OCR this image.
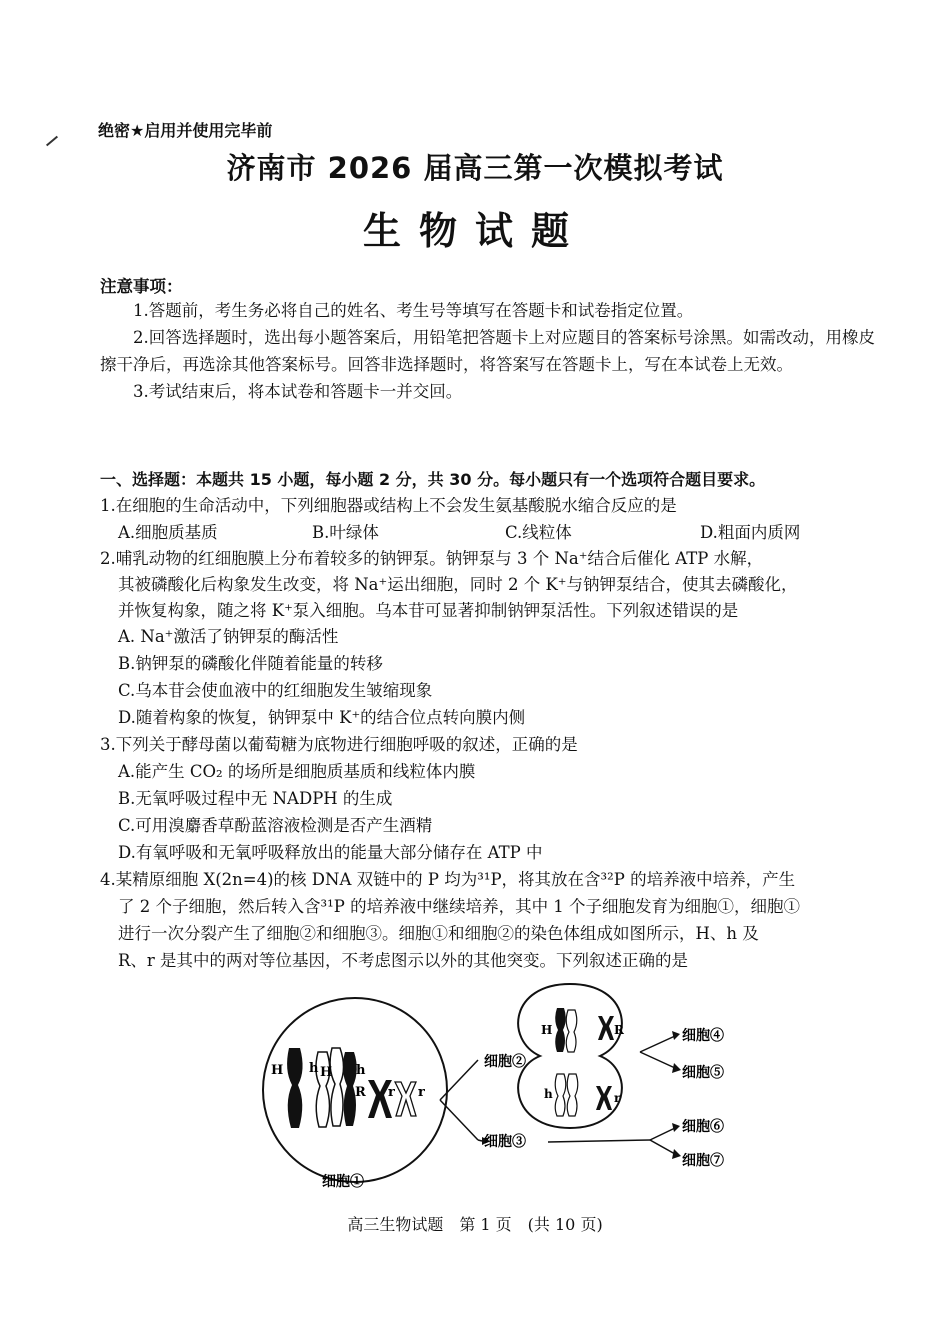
绝密★启用并使用完毕前
济南市 2026 届高三第一次模拟考试
生物试题
注意事项：

1.答题前，考生务必将自己的姓名、考生号等填写在答题卡和试卷指定位置。

2.回答选择题时，选出每小题答案后，用铅笔把答题卡上对应题目的答案标号涂黑。如需改动，用橡皮擦干净后，再选涂其他答案标号。回答非选择题时，将答案写在答题卡上，写在本试卷上无效。

3.考试结束后，将本试卷和答题卡一并交回。

一、选择题：本题共 15 小题，每小题 2 分，共 30 分。每小题只有一个选项符合题目要求。
1.在细胞的生命活动中，下列细胞器或结构上不会发生氨基酸脱水缩合反应的是
A.细胞质基质	B.叶绿体	C.线粒体	D.粗面内质网
2.哺乳动物的红细胞膜上分布着较多的钠钾泵。钠钾泵与 3 个 Na⁺结合后催化 ATP 水解，
其被磷酸化后构象发生改变，将 Na⁺运出细胞，同时 2 个 K⁺与钠钾泵结合，使其去磷酸化，
并恢复构象，随之将 K⁺泵入细胞。乌本苷可显著抑制钠钾泵活性。下列叙述错误的是
A. Na⁺激活了钠钾泵的酶活性
B.钠钾泵的磷酸化伴随着能量的转移
C.乌本苷会使血液中的红细胞发生皱缩现象
D.随着构象的恢复，钠钾泵中 K⁺的结合位点转向膜内侧
3.下列关于酵母菌以葡萄糖为底物进行细胞呼吸的叙述，正确的是
A.能产生 CO₂ 的场所是细胞质基质和线粒体内膜
B.无氧呼吸过程中无 NADPH 的生成
C.可用溴麝香草酚蓝溶液检测是否产生酒精
D.有氧呼吸和无氧呼吸释放出的能量大部分储存在 ATP 中
4.某精原细胞 X(2n=4)的核 DNA 双链中的 P 均为³¹P，将其放在含³²P 的培养液中培养，产生
了 2 个子细胞，然后转入含³¹P 的培养液中继续培养，其中 1 个子细胞发育为细胞①，细胞①
进行一次分裂产生了细胞②和细胞③。细胞①和细胞②的染色体组成如图所示，H、h 及
R、r 是其中的两对等位基因，不考虑图示以外的其他突变。下列叙述正确的是
H h H h
R r r
细胞①
细胞②
细胞③
H	R
h	r
细胞④
细胞⑤
细胞⑥
细胞⑦
高三生物试题　第 1 页　(共 10 页)
